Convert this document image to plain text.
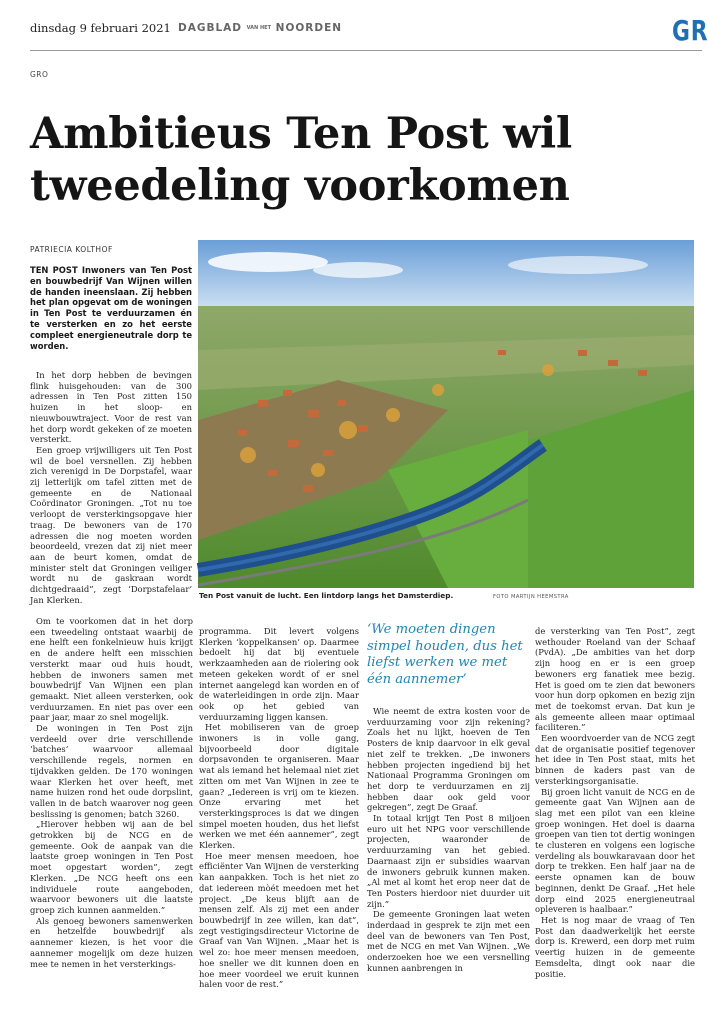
dinsdag 9 februari 2021 DAGBLAD VAN HET NOORDEN	GR
GRO
Ambitieus Ten Post wil
tweedeling voorkomen
PATRIECIA KOLTHOF
TEN POST Inwoners van Ten Post en bouwbedrijf Van Wijnen willen de handen ineenslaan. Zij hebben het plan opgevat om de woningen in Ten Post te verduurzamen én te versterken en zo het eerste compleet energieneutrale dorp te worden.

In het dorp hebben de bevingen flink huisgehouden: van de 300 adressen in Ten Post zitten 150 huizen in het sloop- en nieuwbouwtraject. Voor de rest van het dorp wordt gekeken of ze moeten versterkt.

Een groep vrijwilligers uit Ten Post wil de boel versnellen. Zij hebben zich verenigd in De Dorpstafel, waar zij letterlijk om tafel zitten met de gemeente en de Nationaal Coördinator Groningen. „Tot nu toe verloopt de versterkingsopgave hier traag. De bewoners van de 170 adressen die nog moeten worden beoordeeld, vrezen dat zij niet meer aan de beurt komen, omdat de minister stelt dat Groningen veiliger wordt nu de gaskraan wordt dichtgedraaid”, zegt ‘Dorpstafelaar’ Jan Klerken.	Ten Post vanuit de lucht. Een lintdorp langs het Damsterdiep.	FOTO MARTIJN HEEMSTRA

Om te voorkomen dat in het dorp een tweedeling ontstaat waarbij de ene helft een fonkelnieuw huis krijgt en de andere helft een misschien versterkt maar oud huis houdt, hebben de inwoners samen met bouwbedrijf Van Wijnen een plan gemaakt. Niet alleen versterken, ook verduurzamen. En niet pas over een paar jaar, maar zo snel mogelijk.

De woningen in Ten Post zijn verdeeld over drie verschillende ‘batches’ waarvoor allemaal verschillende regels, normen en tijdvakken gelden. De 170 woningen waar Klerken het over heeft, met name huizen rond het oude dorpslint, vallen in de batch waarover nog geen beslissing is genomen; batch 3260.

„Hierover hebben wij aan de bel getrokken bij de NCG en de gemeente. Ook de aanpak van die laatste groep woningen in Ten Post moet opgestart worden”, zegt Klerken. „De NCG heeft ons een individuele route aangeboden, waarvoor bewoners uit die laatste groep zich kunnen aanmelden.”

Als genoeg bewoners samenwerken en hetzelfde bouwbedrijf als aannemer kiezen, is het voor die aannemer mogelijk om deze huizen mee te nemen in het versterkings-

programma. Dit levert volgens Klerken ‘koppelkansen’ op. Daarmee bedoelt hij dat bij eventuele werkzaamheden aan de riolering ook meteen gekeken wordt of er snel internet aangelegd kan worden en of de waterleidingen in orde zijn. Maar ook op het gebied van verduurzaming liggen kansen.

Het mobiliseren van de groep inwoners is in volle gang, bijvoorbeeld door digitale dorpsavonden te organiseren. Maar wat als iemand het helemaal niet ziet zitten om met Van Wijnen in zee te gaan? „Iedereen is vrij om te kiezen. Onze ervaring met het versterkingsproces is dat we dingen simpel moeten houden, dus het liefst werken we met één aannemer”, zegt Klerken.

Hoe meer mensen meedoen, hoe efficiënter Van Wijnen de versterking kan aanpakken. Toch is het niet zo dat iedereen mòét meedoen met het project. „De keus blijft aan de mensen zelf. Als zij met een ander bouwbedrijf in zee willen, kan dat”, zegt vestigingsdirecteur Victorine de Graaf van Van Wijnen. „Maar het is wel zo: hoe meer mensen meedoen, hoe sneller we dit kunnen doen en hoe meer voordeel we eruit kunnen halen voor de rest.”

‘We moeten dingen simpel houden, dus het liefst werken we met één aannemer’

Wie neemt de extra kosten voor de verduurzaming voor zijn rekening? Zoals het nu lijkt, hoeven de Ten Posters de knip daarvoor in elk geval niet zelf te trekken. „De inwoners hebben projecten ingediend bij het Nationaal Programma Groningen om het dorp te verduurzamen en zij hebben daar ook geld voor gekregen”, zegt De Graaf.

In totaal krijgt Ten Post 8 miljoen euro uit het NPG voor verschillende projecten, waaronder de verduurzaming van het gebied. Daarnaast zijn er subsidies waarvan de inwoners gebruik kunnen maken. „Al met al komt het erop neer dat de Ten Posters hierdoor niet duurder uit zijn.”

De gemeente Groningen laat weten inderdaad in gesprek te zijn met een deel van de bewoners van Ten Post, met de NCG en met Van Wijnen. „We onderzoeken hoe we een versnelling kunnen aanbrengen in

de versterking van Ten Post”, zegt wethouder Roeland van der Schaaf (PvdA). „De ambities van het dorp zijn hoog en er is een groep bewoners erg fanatiek mee bezig. Het is goed om te zien dat bewoners voor hun dorp opkomen en bezig zijn met de toekomst ervan. Dat kun je als gemeente alleen maar optimaal faciliteren.”

Een woordvoerder van de NCG zegt dat de organisatie positief tegenover het idee in Ten Post staat, mits het binnen de kaders past van de versterkingsorganisatie.

Bij groen licht vanuit de NCG en de gemeente gaat Van Wijnen aan de slag met een pilot van een kleine groep woningen. Het doel is daarna groepen van tien tot dertig woningen te clusteren en volgens een logische verdeling als bouwkaravaan door het dorp te trekken. Een half jaar na de eerste opnamen kan de bouw beginnen, denkt De Graaf. „Het hele dorp eind 2025 energieneutraal opleveren is haalbaar.”

Het is nog maar de vraag of Ten Post dan daadwerkelijk het eerste dorp is. Krewerd, een dorp met ruim veertig huizen in de gemeente Eemsdelta, dingt ook naar die positie.
